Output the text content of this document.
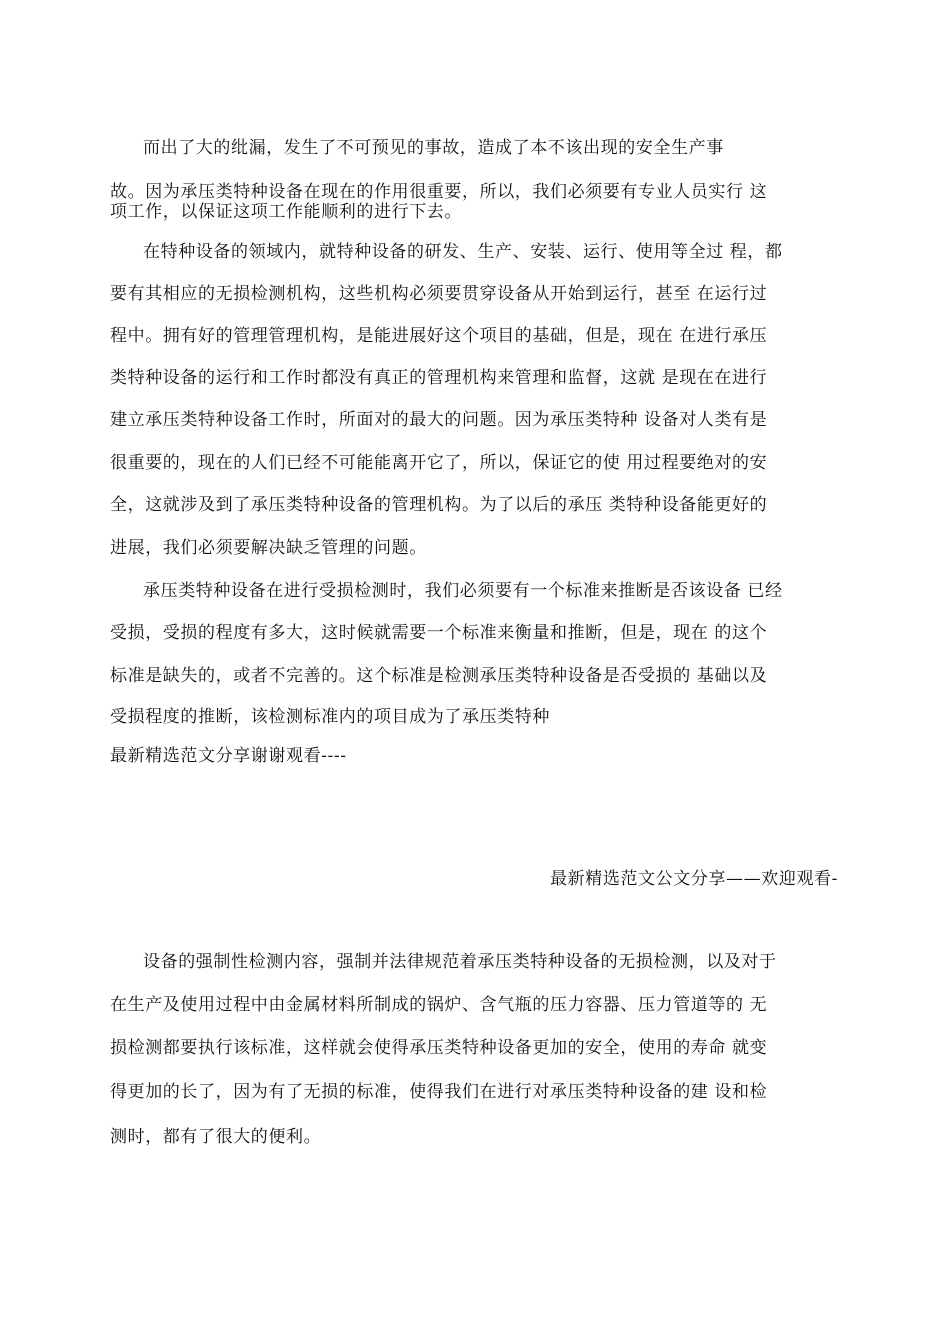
而出了大的纰漏，发生了不可预见的事故，造成了本不该出现的安全生产事
故。因为承压类特种设备在现在的作用很重要，所以，我们必须要有专业人员实行 这
项工作，以保证这项工作能顺利的进行下去。
在特种设备的领域内，就特种设备的研发、生产、安装、运行、使用等全过 程，都
要有其相应的无损检测机构，这些机构必须要贯穿设备从开始到运行，甚至 在运行过
程中。拥有好的管理管理机构，是能进展好这个项目的基础，但是，现在 在进行承压
类特种设备的运行和工作时都没有真正的管理机构来管理和监督，这就 是现在在进行
建立承压类特种设备工作时，所面对的最大的问题。因为承压类特种 设备对人类有是
很重要的，现在的人们已经不可能能离开它了，所以，保证它的使 用过程要绝对的安
全，这就涉及到了承压类特种设备的管理机构。为了以后的承压 类特种设备能更好的
进展，我们必须要解决缺乏管理的问题。
承压类特种设备在进行受损检测时，我们必须要有一个标准来推断是否该设备 已经
受损，受损的程度有多大，这时候就需要一个标准来衡量和推断，但是，现在 的这个
标准是缺失的，或者不完善的。这个标准是检测承压类特种设备是否受损的 基础以及
受损程度的推断，该检测标准内的项目成为了承压类特种
最新精选范文分享谢谢观看----
最新精选范文公文分享——欢迎观看-
设备的强制性检测内容，强制并法律规范着承压类特种设备的无损检测，以及对于
在生产及使用过程中由金属材料所制成的锅炉、含气瓶的压力容器、压力管道等的 无
损检测都要执行该标准，这样就会使得承压类特种设备更加的安全，使用的寿命 就变
得更加的长了，因为有了无损的标准，使得我们在进行对承压类特种设备的建 设和检
测时，都有了很大的便利。
